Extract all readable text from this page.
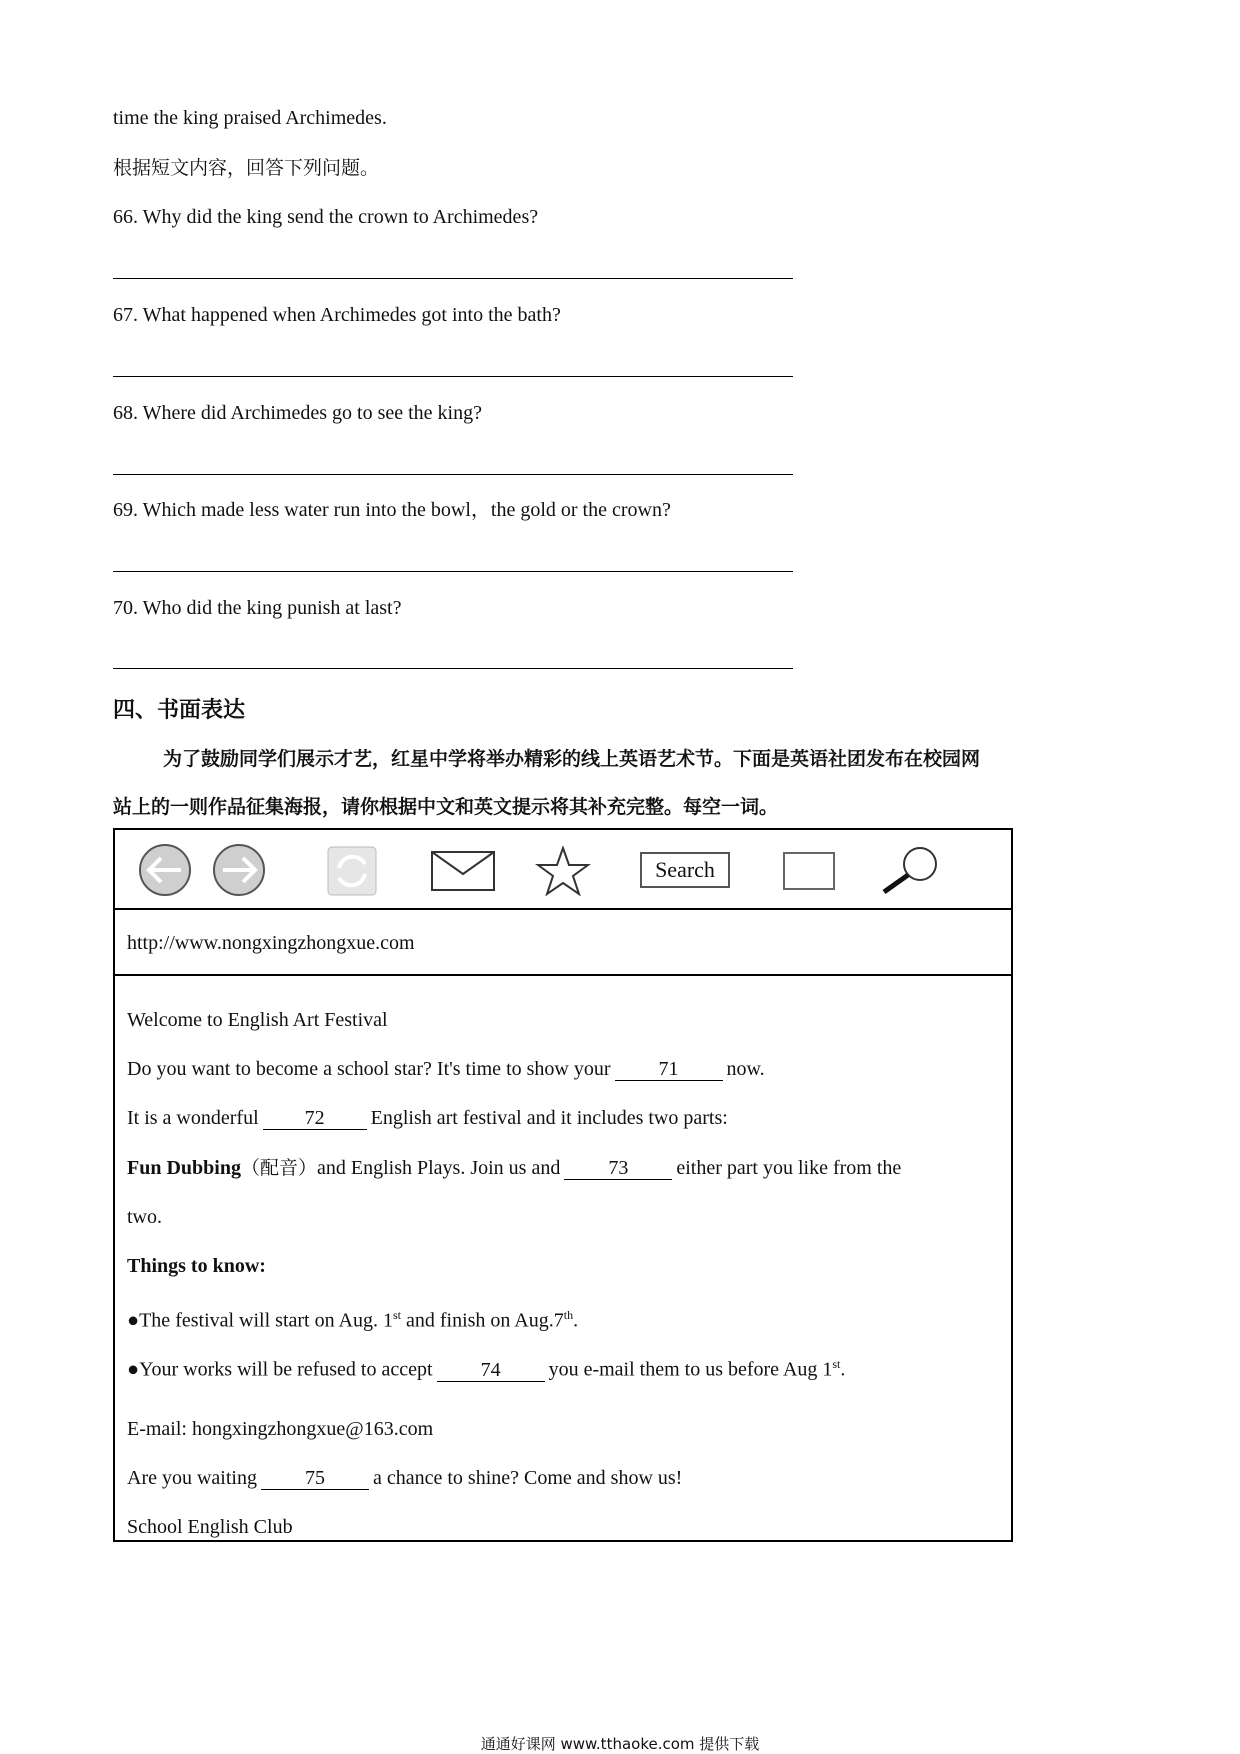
time the king praised Archimedes.
根据短文内容，回答下列问题。
66. Why did the king send the crown to Archimedes?
67. What happened when Archimedes got into the bath?
68. Where did Archimedes go to see the king?
69. Which made less water run into the bowl，the gold or the crown?
70. Who did the king punish at last?
四、书面表达
为了鼓励同学们展示才艺，红星中学将举办精彩的线上英语艺术节。下面是英语社团发布在校园网
站上的一则作品征集海报，请你根据中文和英文提示将其补充完整。每空一词。
Search
http://www.nongxingzhongxue.com
Welcome to English Art Festival
Do you want to become a school star? It's time to show your 71 now.
It is a wonderful 72 English art festival and it includes two parts:
Fun Dubbing（配音）and English Plays. Join us and 73 either part you like from the
two.
Things to know:
●The festival will start on Aug. 1st and finish on Aug.7th.
●Your works will be refused to accept 74 you e-mail them to us before Aug 1st.
E-mail: hongxingzhongxue@163.com
Are you waiting 75 a chance to shine? Come and show us!
School English Club
通通好课网 www.tthaoke.com 提供下载
